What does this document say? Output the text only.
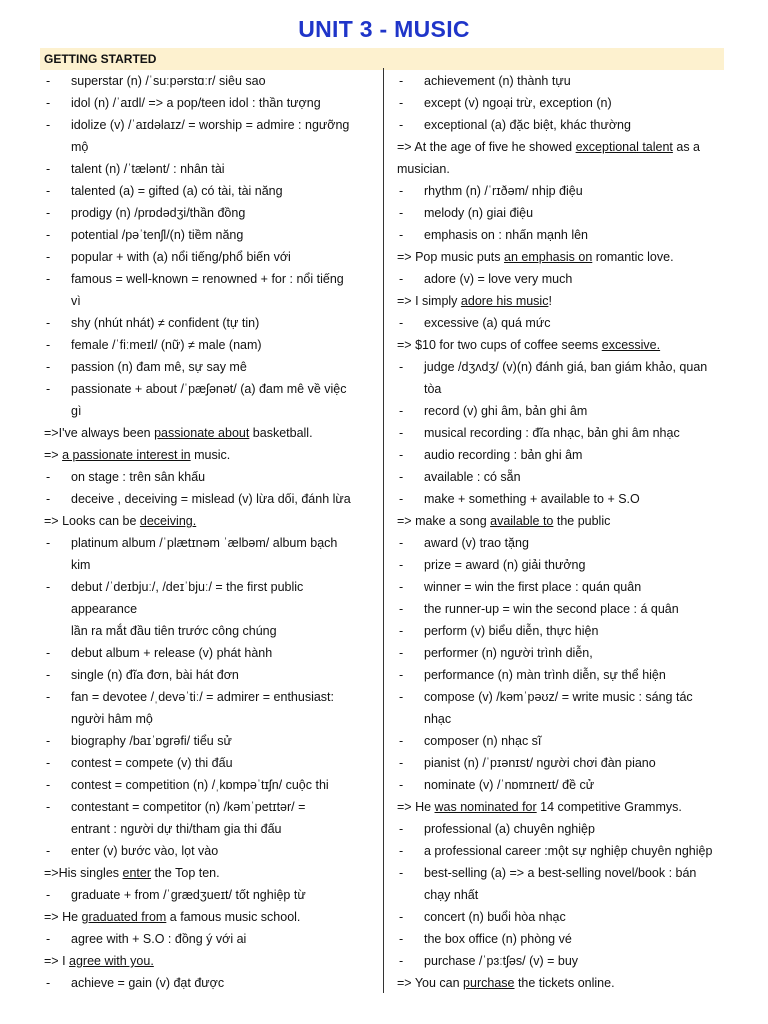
UNIT 3 - MUSIC
GETTING STARTED
- superstar (n) /ˈsuːpərstɑːr/ siêu sao
- idol (n) /ˈaɪdl/ => a pop/teen idol : thần tượng
- idolize (v) /ˈaɪdəlaɪz/ = worship = admire : ngưỡng
mộ
- talent (n) /ˈtælənt/ : nhân tài
- talented (a) = gifted (a) có tài, tài năng
- prodigy (n) /prɒdədʒi/thần đồng
- potential /pəˈtenʃl/(n) tiềm năng
- popular + with (a) nổi tiếng/phổ biến với
- famous = well-known = renowned + for : nổi tiếng
vì
- shy (nhút nhát) ≠ confident (tự tin)
- female /ˈfiːmeɪl/ (nữ) ≠ male (nam)
- passion (n) đam mê, sự say mê
- passionate + about /ˈpæʃənət/ (a) đam mê về việc
gì
=>I've always been passionate about basketball.
=> a passionate interest in music.
- on stage : trên sân khấu
- deceive , deceiving = mislead (v) lừa dối, đánh lừa
=> Looks can be deceiving.
- platinum album /ˈplætɪnəm ˈælbəm/ album bạch
kim
- debut /ˈdeɪbjuː/, /deɪˈbjuː/ = the first public
appearance
lần ra mắt đầu tiên trước công chúng
- debut album + release (v) phát hành
- single (n) đĩa đơn, bài hát đơn
- fan = devotee /ˌdevəˈtiː/ = admirer = enthusiast:
người hâm mộ
- biography /baɪˈɒgrəfi/ tiểu sử
- contest = compete (v) thi đấu
- contest = competition (n) /ˌkɒmpəˈtɪʃn/ cuộc thi
- contestant = competitor (n) /kəmˈpetɪtər/ =
entrant : người dự thi/tham gia thi đấu
- enter (v) bước vào, lọt vào
=>His singles enter the Top ten.
- graduate + from /ˈgrædʒueɪt/ tốt nghiệp từ
=> He graduated from a famous music school.
- agree with + S.O : đồng ý với ai
=> I agree with you.
- achieve = gain (v) đạt được
- achievement (n) thành tựu
- except (v) ngoại trừ, exception (n)
- exceptional (a) đặc biệt, khác thường
=> At the age of five he showed exceptional talent as a
musician.
- rhythm (n) /ˈrɪðəm/ nhịp điệu
- melody (n) giai điệu
- emphasis on : nhấn mạnh lên
=> Pop music puts an emphasis on romantic love.
- adore (v) = love very much
=> I simply adore his music!
- excessive (a) quá mức
=> $10 for two cups of coffee seems excessive.
- judge /dʒʌdʒ/ (v)(n) đánh giá, ban giám khảo, quan
tòa
- record (v) ghi âm, bản ghi âm
- musical recording : đĩa nhạc, bản ghi âm nhạc
- audio recording : bản ghi âm
- available : có sẵn
- make + something + available to + S.O
=> make a song available to the public
- award (v) trao tặng
- prize = award (n) giải thưởng
- winner = win the first place : quán quân
- the runner-up = win the second place : á quân
- perform (v) biểu diễn, thực hiện
- performer (n) người trình diễn,
- performance (n) màn trình diễn, sự thể hiện
- compose (v) /kəmˈpəʊz/ = write music : sáng tác
nhạc
- composer (n) nhạc sĩ
- pianist (n) /ˈpɪənɪst/ người chơi đàn piano
- nominate (v) /ˈnɒmɪneɪt/ đề cử
=> He was nominated for 14 competitive Grammys.
- professional (a) chuyên nghiệp
- a professional career :một sự nghiệp chuyên nghiệp
- best-selling (a) => a best-selling novel/book : bán
chạy nhất
- concert (n) buổi hòa nhạc
- the box office (n) phòng vé
- purchase /ˈpɜːtʃəs/ (v) = buy
=> You can purchase the tickets online.
